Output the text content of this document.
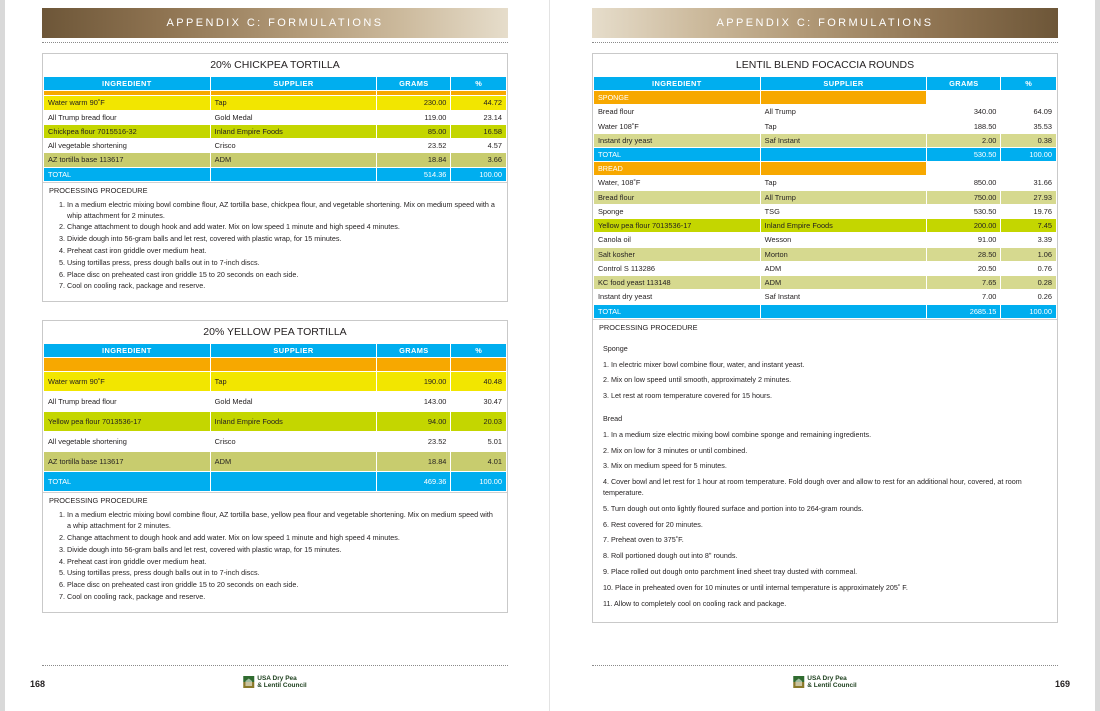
APPENDIX C: FORMULATIONS
20% CHICKPEA TORTILLA
INGREDIENT	SUPPLIER	GRAMS	%

Water warm 90˚F	Tap	230.00	44.72
All Trump bread flour	Gold Medal	119.00	23.14
Chickpea flour 7015516-32	Inland Empire Foods	85.00	16.58
All vegetable shortening	Crisco	23.52	4.57
AZ tortilla base 113617	ADM	18.84	3.66
TOTAL		514.36	100.00
PROCESSING PROCEDURE
1. In a medium electric mixing bowl combine flour, AZ tortilla base, chickpea flour, and vegetable shortening. Mix on medium speed with a whip attachment for 2 minutes.
2. Change attachment to dough hook and add water. Mix on low speed 1 minute and high speed 4 minutes.
3. Divide dough into 56-gram balls and let rest, covered with plastic wrap, for 15 minutes.
4. Preheat cast iron griddle over medium heat.
5. Using tortillas press, press dough balls out in to 7-inch discs.
6. Place disc on preheated cast iron griddle 15 to 20 seconds on each side.
7. Cool on cooling rack, package and reserve.
20% YELLOW PEA TORTILLA
INGREDIENT	SUPPLIER	GRAMS	%

Water warm 90˚F	Tap	190.00	40.48
All Trump bread flour	Gold Medal	143.00	30.47
Yellow pea flour 7013536-17	Inland Empire Foods	94.00	20.03
All vegetable shortening	Crisco	23.52	5.01
AZ tortilla base 113617	ADM	18.84	4.01
TOTAL		469.36	100.00
PROCESSING PROCEDURE
1. In a medium electric mixing bowl combine flour, AZ tortilla base, yellow pea flour and vegetable shortening. Mix on medium speed with a whip attachment for 2 minutes.
2. Change attachment to dough hook and add water. Mix on low speed 1 minute and high speed 4 minutes.
3. Divide dough into 56-gram balls and let rest, covered with plastic wrap, for 15 minutes.
4. Preheat cast iron griddle over medium heat.
5. Using tortillas press, press dough balls out in to 7-inch discs.
6. Place disc on preheated cast iron griddle 15 to 20 seconds on each side.
7. Cool on cooling rack, package and reserve.
168
USA Dry Pea
& Lentil Council
APPENDIX C: FORMULATIONS
LENTIL BLEND FOCACCIA ROUNDS
INGREDIENT	SUPPLIER	GRAMS	%
SPONGE			
Bread flour	All Trump	340.00	64.09
Water 108˚F	Tap	188.50	35.53
Instant dry yeast	Saf Instant	2.00	0.38
TOTAL		530.50	100.00
BREAD			
Water, 108˚F	Tap	850.00	31.66
Bread flour	All Trump	750.00	27.93
Sponge	TSG	530.50	19.76
Yellow pea flour 7013536-17	Inland Empire Foods	200.00	7.45
Canola oil	Wesson	91.00	3.39
Salt kosher	Morton	28.50	1.06
Control S 113286	ADM	20.50	0.76
KC food yeast 113148	ADM	7.65	0.28
Instant dry yeast	Saf Instant	7.00	0.26
TOTAL		2685.15	100.00
PROCESSING PROCEDURE

Sponge

1. In electric mixer bowl combine flour, water, and instant yeast.

2. Mix on low speed until smooth, approximately 2 minutes.

3. Let rest at room temperature covered for 15 hours.

Bread

1. In a medium size electric mixing bowl combine sponge and remaining ingredients.

2. Mix on low for 3 minutes or until combined.

3. Mix on medium speed for 5 minutes.

4. Cover bowl and let rest for 1 hour at room temperature. Fold dough over and allow to rest for an additional hour, covered, at room temperature.

5. Turn dough out onto lightly floured surface and portion into to 264-gram rounds.

6. Rest covered for 20 minutes.

7. Preheat oven to 375˚F.

8. Roll portioned dough out into 8ʺ rounds.

9. Place rolled out dough onto parchment lined sheet tray dusted with cornmeal.

10. Place in preheated oven for 10 minutes or until internal temperature is approximately 205˚ F.

11. Allow to completely cool on cooling rack and package.

169
USA Dry Pea
& Lentil Council
